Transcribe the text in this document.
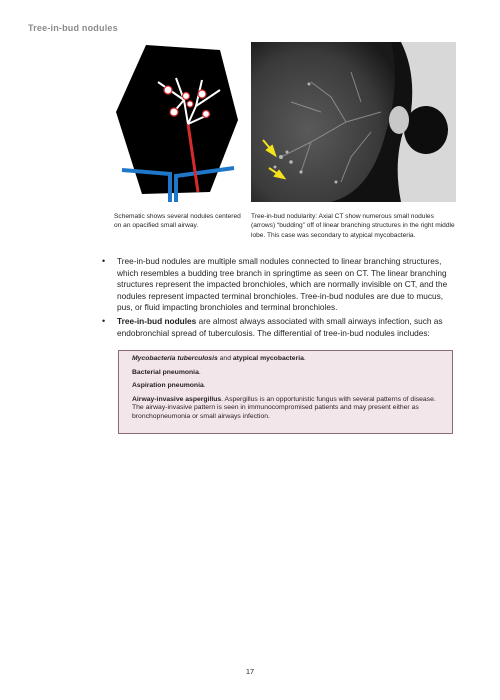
Tree-in-bud nodules
Schematic shows several nodules centered on an opacified small airway.
Tree-in-bud nodularity: Axial CT show numerous small nodules (arrows) “budding” off of linear branching structures in the right middle lobe. This case was secondary to atypical mycobacteria.
• Tree-in-bud nodules are multiple small nodules connected to linear branching structures, which resembles a budding tree branch in springtime as seen on CT. The linear branching structures represent the impacted bronchioles, which are normally invisible on CT, and the nodules represent impacted terminal bronchioles. Tree-in-bud nodules are due to mucus, pus, or fluid impacting bronchioles and terminal bronchioles.
• Tree-in-bud nodules are almost always associated with small airways infection, such as endobronchial spread of tuberculosis. The differential of tree-in-bud nodules includes:
Mycobacteria tuberculosis and atypical mycobacteria.
Bacterial pneumonia.
Aspiration pneumonia.
Airway-invasive aspergillus. Aspergillus is an opportunistic fungus with several patterns of disease. The airway-invasive pattern is seen in immunocompromised patients and may present either as bronchopneumonia or small airways infection.
17
